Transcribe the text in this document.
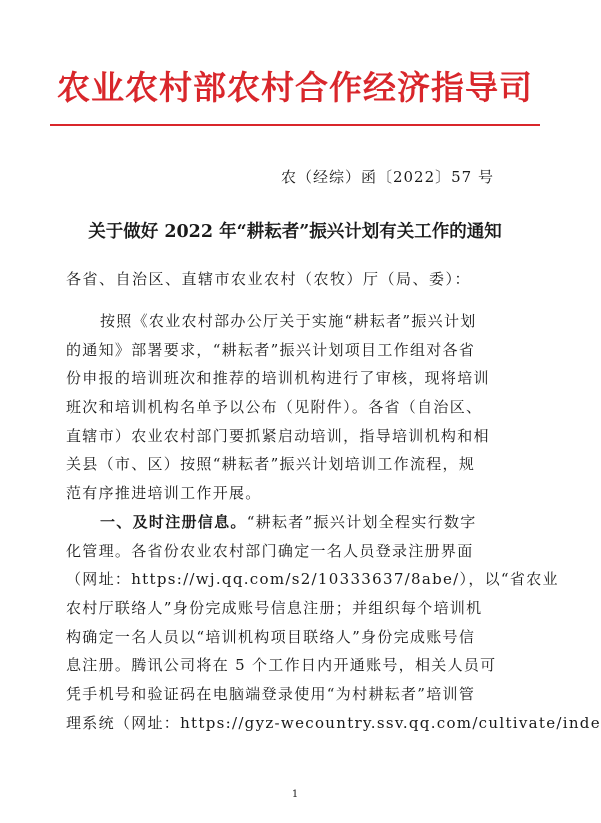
农业农村部农村合作经济指导司
农（经综）函〔2022〕57 号
关于做好 2022 年“耕耘者”振兴计划有关工作的通知
各省、自治区、直辖市农业农村（农牧）厅（局、委）：
按照《农业农村部办公厅关于实施“耕耘者”振兴计划
的通知》部署要求，“耕耘者”振兴计划项目工作组对各省
份申报的培训班次和推荐的培训机构进行了审核，现将培训
班次和培训机构名单予以公布（见附件）。各省（自治区、
直辖市）农业农村部门要抓紧启动培训，指导培训机构和相
关县（市、区）按照“耕耘者”振兴计划培训工作流程，规
范有序推进培训工作开展。
一、及时注册信息。“耕耘者”振兴计划全程实行数字
化管理。各省份农业农村部门确定一名人员登录注册界面
（网址：https://wj.qq.com/s2/10333637/8abe/），以“省农业
农村厅联络人”身份完成账号信息注册；并组织每个培训机
构确定一名人员以“培训机构项目联络人”身份完成账号信
息注册。腾讯公司将在 5 个工作日内开通账号，相关人员可
凭手机号和验证码在电脑端登录使用“为村耕耘者”培训管
理系统（网址：https://gyz-wecountry.ssv.qq.com/cultivate/inde
1
